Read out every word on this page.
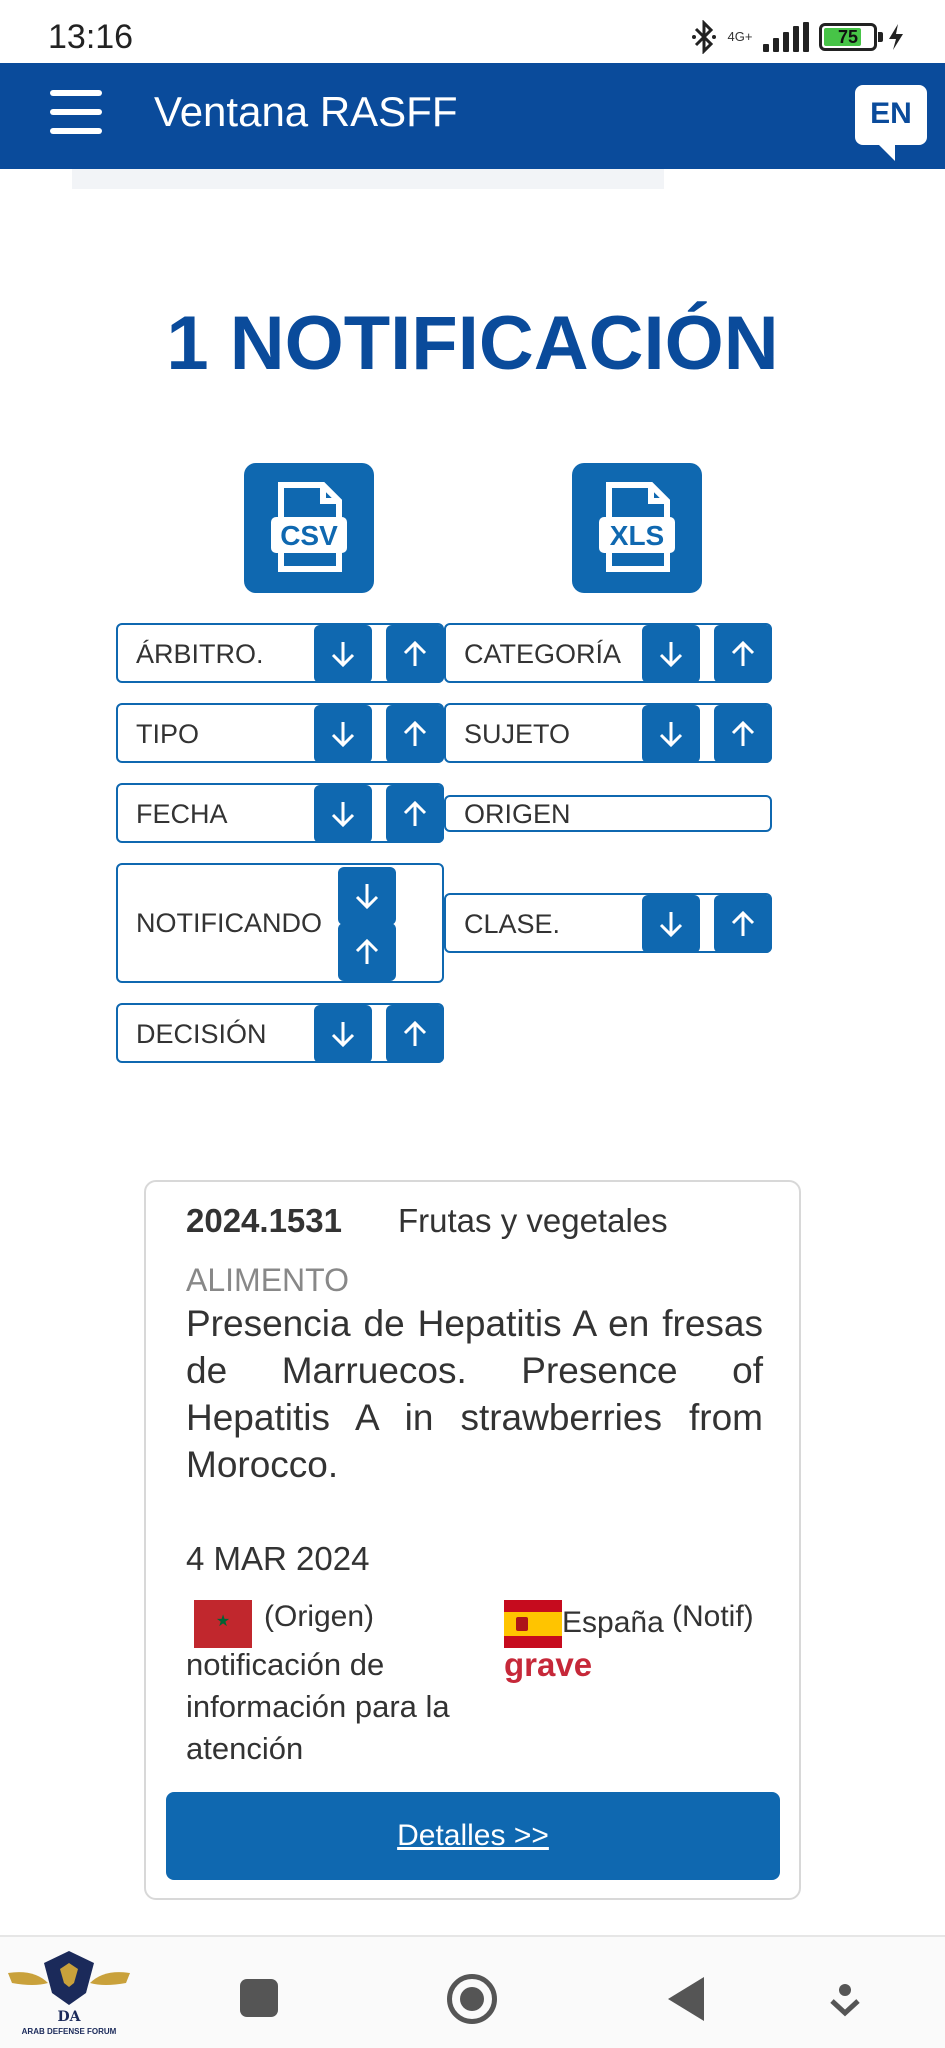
13:16	4G+	75
Ventana RASFF	EN
1 NOTIFICACIÓN
CSV	XLS
ÁRBITRO.	CATEGORÍA
TIPO	SUJETO
FECHA	ORIGEN
NOTIFICANDO	CLASE.
DECISIÓN
2024.1531 Frutas y vegetales
ALIMENTO
Presencia de Hepatitis A en fresas de Marruecos. Presence of Hepatitis A in strawberries from Morocco.
4 MAR 2024
★
(Origen)
notificación de información para la atención
España (Notif)
grave
Detalles >>
DA
ARAB DEFENSE FORUM
